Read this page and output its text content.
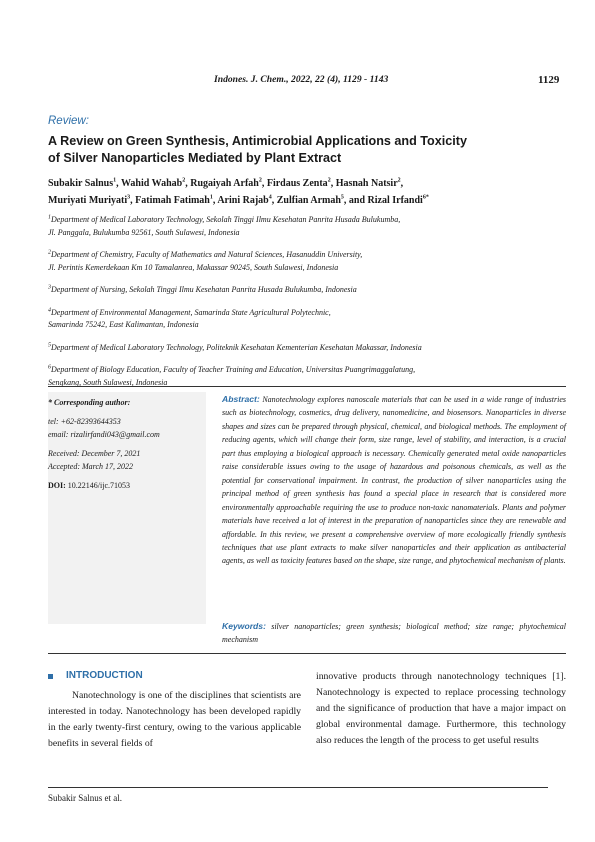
Indones. J. Chem., 2022, 22 (4), 1129 - 1143	1129
Review:
A Review on Green Synthesis, Antimicrobial Applications and Toxicity
of Silver Nanoparticles Mediated by Plant Extract
Subakir Salnus$^1$, Wahid Wahab$^2$, Rugaiyah Arfah$^2$, Firdaus Zenta$^2$, Hasnah Natsir$^2$,
Muriyati Muriyati$^3$, Fatimah Fatimah$^1$, Arini Rajab$^4$, Zulfian Armah$^5$, and Rizal Irfandi$^{6*}$
$^1$Department of Medical Laboratory Technology, Sekolah Tinggi Ilmu Kesehatan Panrita Husada Bulukumba,
Jl. Panggala, Bulukumba 92561, South Sulawesi, Indonesia
$^2$Department of Chemistry, Faculty of Mathematics and Natural Sciences, Hasanuddin University,
Jl. Perintis Kemerdekaan Km 10 Tamalanrea, Makassar 90245, South Sulawesi, Indonesia
$^3$Department of Nursing, Sekolah Tinggi Ilmu Kesehatan Panrita Husada Bulukumba, Indonesia
$^4$Department of Environmental Management, Samarinda State Agricultural Polytechnic,
Samarinda 75242, East Kalimantan, Indonesia
$^5$Department of Medical Laboratory Technology, Politeknik Kesehatan Kementerian Kesehatan Makassar, Indonesia
$^6$Department of Biology Education, Faculty of Teacher Training and Education, Universitas Puangrimaggalatung,
Sengkang, South Sulawesi, Indonesia
* Corresponding author:
tel: +62-82393644353
email: rizalirfandi043@gmail.com
Received: December 7, 2021
Accepted: March 17, 2022
DOI: 10.22146/ijc.71053
Abstract: Nanotechnology explores nanoscale materials that can be used in a wide range of industries such as biotechnology, cosmetics, drug delivery, nanomedicine, and biosensors. Nanoparticles in diverse shapes and sizes can be prepared through physical, chemical, and biological methods. The employment of reducing agents, which will change their form, size range, level of stability, and interaction, is a crucial part thus employing a biological approach is necessary. Chemically generated metal oxide nanoparticles raise considerable issues owing to the usage of hazardous and poisonous chemicals, as well as the potential for conservational impairment. In contrast, the production of silver nanoparticles using the principal method of green synthesis has found a special place in research that is considered more environmentally approachable requiring the use to produce non-toxic nanomaterials. Plants and polymer materials have received a lot of interest in the preparation of nanoparticles since they are renewable and affordable. In this review, we present a comprehensive overview of more ecologically friendly synthesis techniques that use plant extracts to make silver nanoparticles and their application as antibacterial agents, as well as toxicity features based on the shape, size range, and phytochemical mechanism of plants.
Keywords: silver nanoparticles; green synthesis; biological method; size range; phytochemical mechanism
INTRODUCTION
Nanotechnology is one of the disciplines that scientists are interested in today. Nanotechnology has been developed rapidly in the early twenty-first century, owing to the various applicable benefits in several fields of
innovative products through nanotechnology techniques [1]. Nanotechnology is expected to replace processing technology and the significance of production that have a major impact on global environmental damage. Furthermore, this technology also reduces the length of the process to get useful results
Subakir Salnus et al.
